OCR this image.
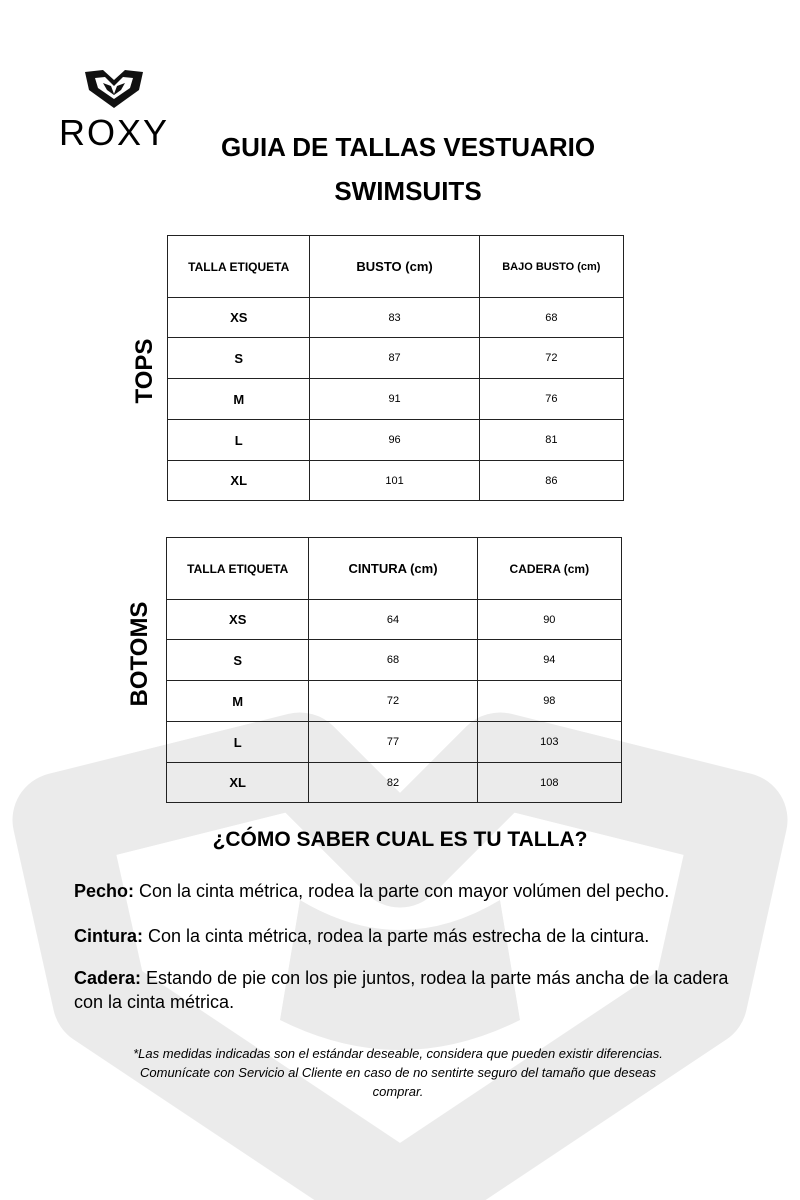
ROXY	GUIA DE TALLAS VESTUARIO
SWIMSUITS
TOPS
TALLA ETIQUETA	BUSTO (cm)	BAJO BUSTO (cm)
XS	83	68
S	87	72
M	91	76
L	96	81
XL	101	86
BOTOMS
TALLA ETIQUETA	CINTURA (cm)	CADERA (cm)
XS	64	90
S	68	94
M	72	98
L	77	103
XL	82	108
¿CÓMO SABER CUAL ES TU TALLA?
Pecho: Con la cinta métrica, rodea la parte con mayor volúmen del pecho.
Cintura: Con la cinta métrica, rodea la parte más estrecha de la cintura.
Cadera: Estando de pie con los pie juntos, rodea la parte más ancha de la cadera con la cinta métrica.
*Las medidas indicadas son el estándar deseable, considera que pueden existir diferencias. Comunícate con Servicio al Cliente en caso de no sentirte seguro del tamaño que deseas comprar.
